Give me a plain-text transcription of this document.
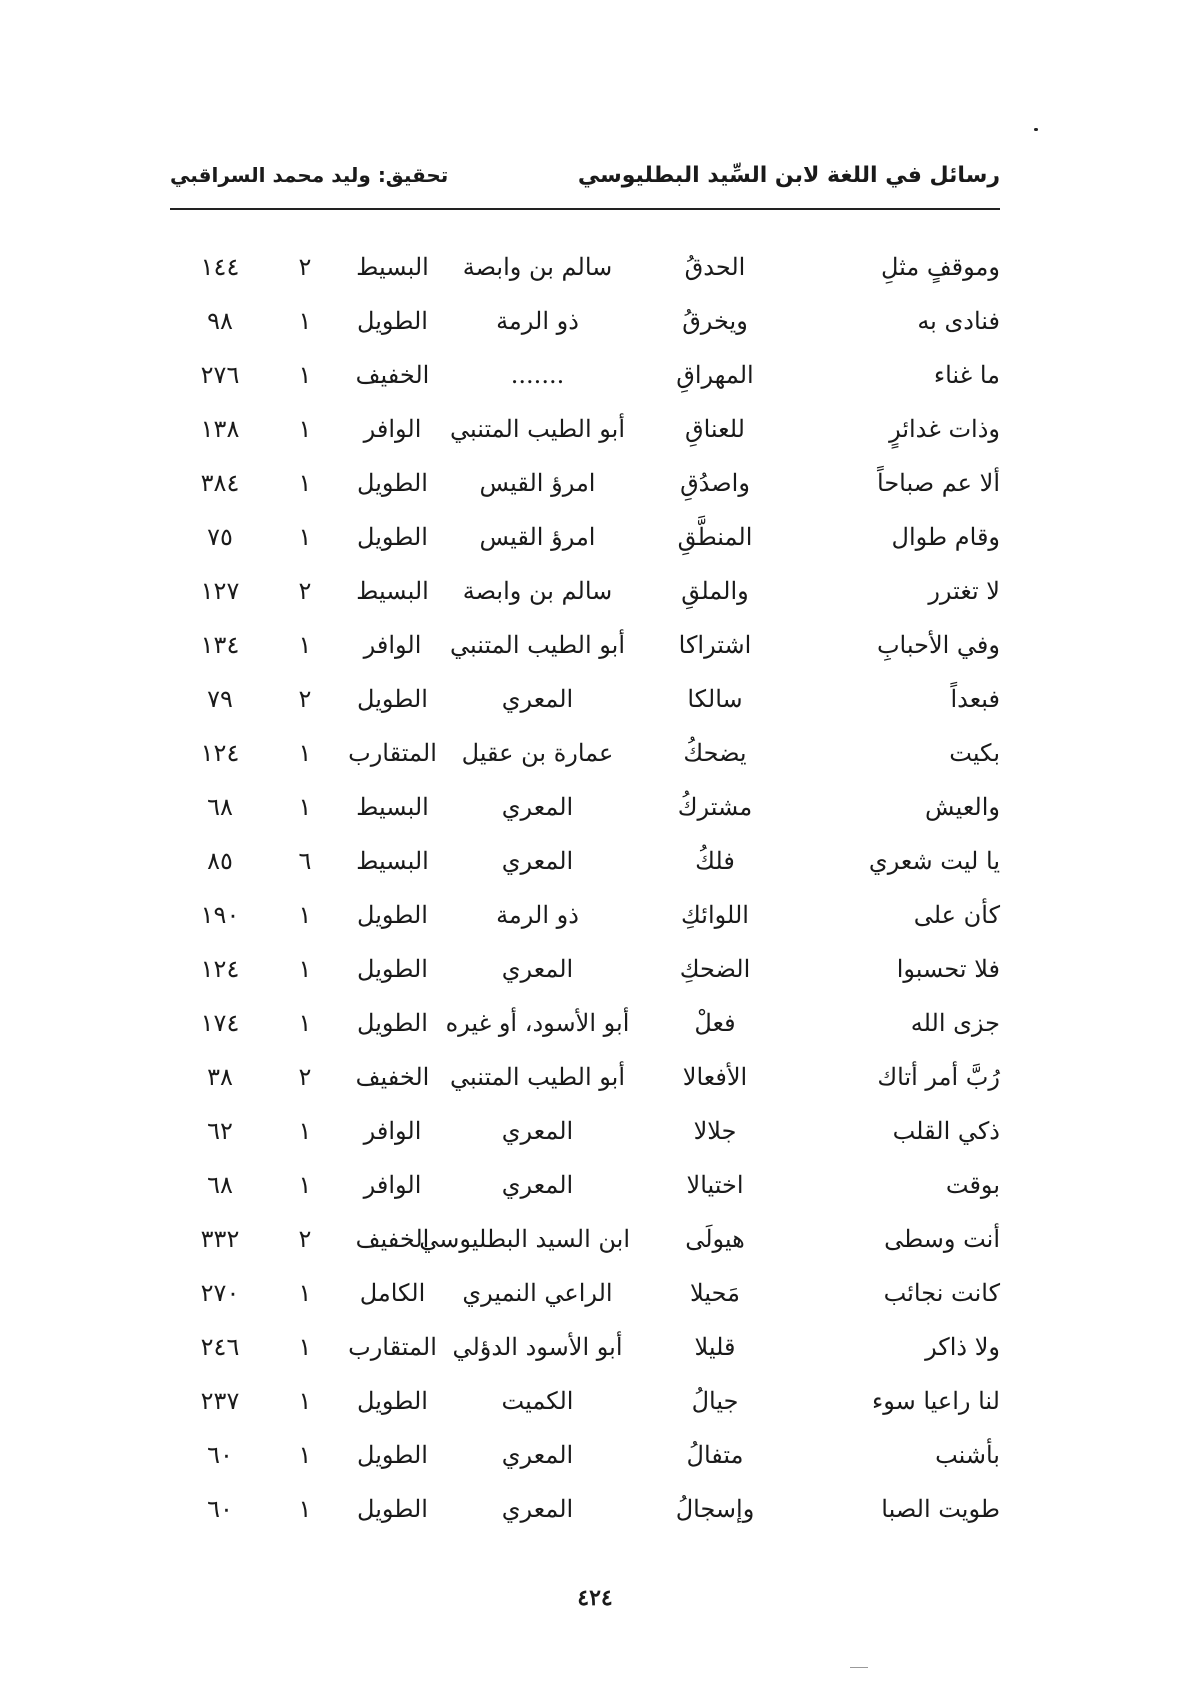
رسائل في اللغة لابن السِّيد البطليوسي
تحقيق: وليد محمد السراقبي
وموقفٍ مثلِ	الحدقُ	سالم بن وابصة	البسيط	٢	١٤٤
فنادى به	ويخرقُ	ذو الرمة	الطويل	١	٩٨
ما غناء	المهراقِ	.......	الخفيف	١	٢٧٦
وذات غدائرٍ	للعناقِ	أبو الطيب المتنبي	الوافر	١	١٣٨
ألا عم صباحاً	واصدُقِ	امرؤ القيس	الطويل	١	٣٨٤
وقام طوال	المنطَّقِ	امرؤ القيس	الطويل	١	٧٥
لا تغترر	والملقِ	سالم بن وابصة	البسيط	٢	١٢٧
وفي الأحبابِ	اشتراكا	أبو الطيب المتنبي	الوافر	١	١٣٤
فبعداً	سالكا	المعري	الطويل	٢	٧٩
بكيت	يضحكُ	عمارة بن عقيل	المتقارب	١	١٢٤
والعيش	مشتركُ	المعري	البسيط	١	٦٨
يا ليت شعري	فلكُ	المعري	البسيط	٦	٨٥
كأن على	اللوائكِ	ذو الرمة	الطويل	١	١٩٠
فلا تحسبوا	الضحكِ	المعري	الطويل	١	١٢٤
جزى الله	فعلْ	أبو الأسود، أو غيره	الطويل	١	١٧٤
رُبَّ أمر أتاك	الأفعالا	أبو الطيب المتنبي	الخفيف	٢	٣٨
ذكي القلب	جلالا	المعري	الوافر	١	٦٢
بوقت	اختيالا	المعري	الوافر	١	٦٨
أنت وسطى	هيولَى	ابن السيد البطليوسي	الخفيف	٢	٣٣٢
كانت نجائب	مَحيلا	الراعي النميري	الكامل	١	٢٧٠
ولا ذاكر	قليلا	أبو الأسود الدؤلي	المتقارب	١	٢٤٦
لنا راعيا سوء	جيالُ	الكميت	الطويل	١	٢٣٧
بأشنب	متفالُ	المعري	الطويل	١	٦٠
طويت الصبا	وإسجالُ	المعري	الطويل	١	٦٠
٤٢٤
